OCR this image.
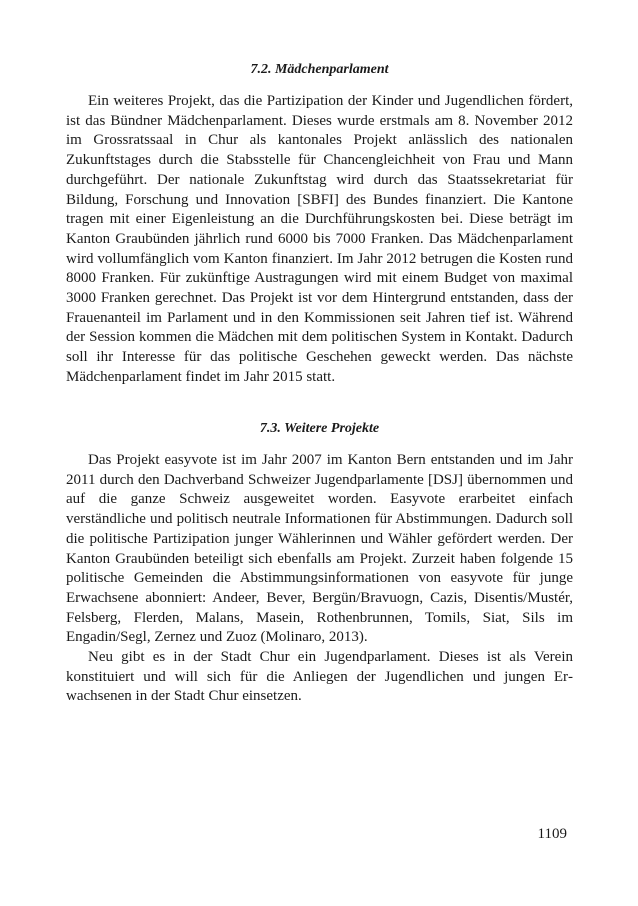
7.2. Mädchenparlament

Ein weiteres Projekt, das die Partizipation der Kinder und Jugendlichen fördert, ist das Bündner Mädchenparlament. Dieses wurde erstmals am 8. November 2012 im Grossratssaal in Chur als kantonales Projekt anlässlich des nationalen Zukunftstages durch die Stabsstelle für Chancengleichheit von Frau und Mann durchgeführt. Der nationale Zukunftstag wird durch das Staatssekretariat für Bildung, Forschung und Innovation [SBFI] des Bundes finanziert. Die Kantone tragen mit einer Eigenleistung an die Durchführungskosten bei. Diese beträgt im Kanton Graubünden jährlich rund 6000 bis 7000 Franken. Das Mädchenparlament wird vollumfänglich vom Kanton finanziert. Im Jahr 2012 betrugen die Kosten rund 8000 Franken. Für zukünftige Austragungen wird mit einem Budget von maximal 3000 Franken gerechnet. Das Projekt ist vor dem Hintergrund entstanden, dass der Frauenanteil im Parlament und in den Kommissionen seit Jahren tief ist. Während der Session kommen die Mädchen mit dem politischen System in Kontakt. Dadurch soll ihr Interesse für das politische Geschehen geweckt werden. Das nächste Mädchenparlament findet im Jahr 2015 statt.

7.3. Weitere Projekte

Das Projekt easyvote ist im Jahr 2007 im Kanton Bern entstanden und im Jahr 2011 durch den Dachverband Schweizer Jugendparlamente [DSJ] übernommen und auf die ganze Schweiz ausgeweitet worden. Easyvote erarbeitet einfach verständliche und politisch neutrale Informationen für Abstimmungen. Dadurch soll die politische Partizipation junger Wählerinnen und Wähler gefördert werden. Der Kanton Graubünden beteiligt sich ebenfalls am Projekt. Zurzeit haben folgende 15 politische Gemeinden die Abstimmungsinformationen von easyvote für junge Erwachsene abonniert: Andeer, Bever, Bergün/Bravuogn, Cazis, Disentis/Mustér, Felsberg, Flerden, Malans, Masein, Rothenbrunnen, Tomils, Siat, Sils im Engadin/Segl, Zernez und Zuoz (Molinaro, 2013).

Neu gibt es in der Stadt Chur ein Jugendparlament. Dieses ist als Verein konstituiert und will sich für die Anliegen der Jugendlichen und jungen Erwachsenen in der Stadt Chur einsetzen.

1109
